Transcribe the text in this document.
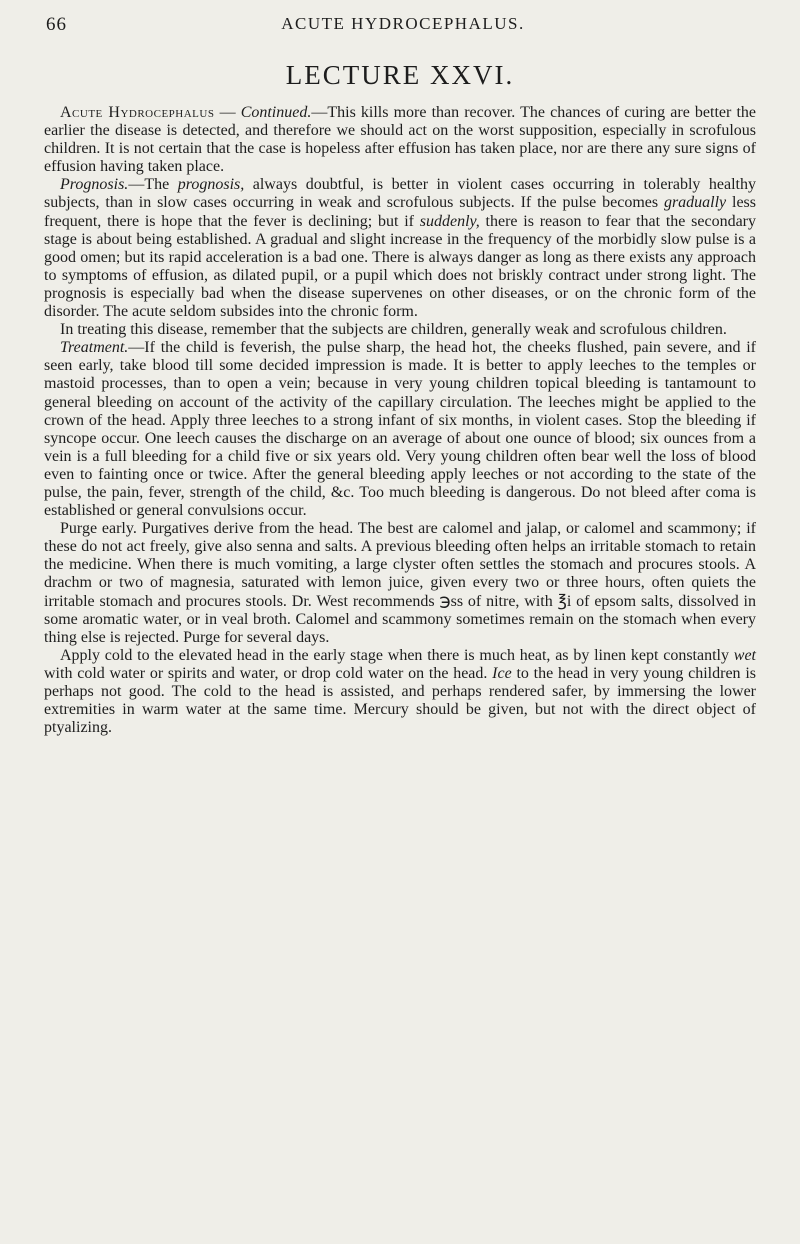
66	ACUTE HYDROCEPHALUS.
LECTURE XXVI.

Acute Hydrocephalus — Continued.—This kills more than recover. The chances of curing are better the earlier the disease is detected, and therefore we should act on the worst supposition, especially in scrofulous children. It is not certain that the case is hopeless after effusion has taken place, nor are there any sure signs of effusion having taken place.

Prognosis.—The prognosis, always doubtful, is better in violent cases occurring in tolerably healthy subjects, than in slow cases occurring in weak and scrofulous subjects. If the pulse becomes gradually less frequent, there is hope that the fever is declining; but if suddenly, there is reason to fear that the secondary stage is about being established. A gradual and slight increase in the frequency of the morbidly slow pulse is a good omen; but its rapid acceleration is a bad one. There is always danger as long as there exists any approach to symptoms of effusion, as dilated pupil, or a pupil which does not briskly contract under strong light. The prognosis is especially bad when the disease supervenes on other diseases, or on the chronic form of the disorder. The acute seldom subsides into the chronic form.

In treating this disease, remember that the subjects are children, generally weak and scrofulous children.

Treatment.—If the child is feverish, the pulse sharp, the head hot, the cheeks flushed, pain severe, and if seen early, take blood till some decided impression is made. It is better to apply leeches to the temples or mastoid processes, than to open a vein; because in very young children topical bleeding is tantamount to general bleeding on account of the activity of the capillary circulation. The leeches might be applied to the crown of the head. Apply three leeches to a strong infant of six months, in violent cases. Stop the bleeding if syncope occur. One leech causes the discharge on an average of about one ounce of blood; six ounces from a vein is a full bleeding for a child five or six years old. Very young children often bear well the loss of blood even to fainting once or twice. After the general bleeding apply leeches or not according to the state of the pulse, the pain, fever, strength of the child, &c. Too much bleeding is dangerous. Do not bleed after coma is established or general convulsions occur.

Purge early. Purgatives derive from the head. The best are calomel and jalap, or calomel and scammony; if these do not act freely, give also senna and salts. A previous bleeding often helps an irritable stomach to retain the medicine. When there is much vomiting, a large clyster often settles the stomach and procures stools. A drachm or two of magnesia, saturated with lemon juice, given every two or three hours, often quiets the irritable stomach and procures stools. Dr. West recommends ℈ss of nitre, with ℥i of epsom salts, dissolved in some aromatic water, or in veal broth. Calomel and scammony sometimes remain on the stomach when every thing else is rejected. Purge for several days.

Apply cold to the elevated head in the early stage when there is much heat, as by linen kept constantly wet with cold water or spirits and water, or drop cold water on the head. Ice to the head in very young children is perhaps not good. The cold to the head is assisted, and perhaps rendered safer, by immersing the lower extremities in warm water at the same time. Mercury should be given, but not with the direct object of ptyalizing.
